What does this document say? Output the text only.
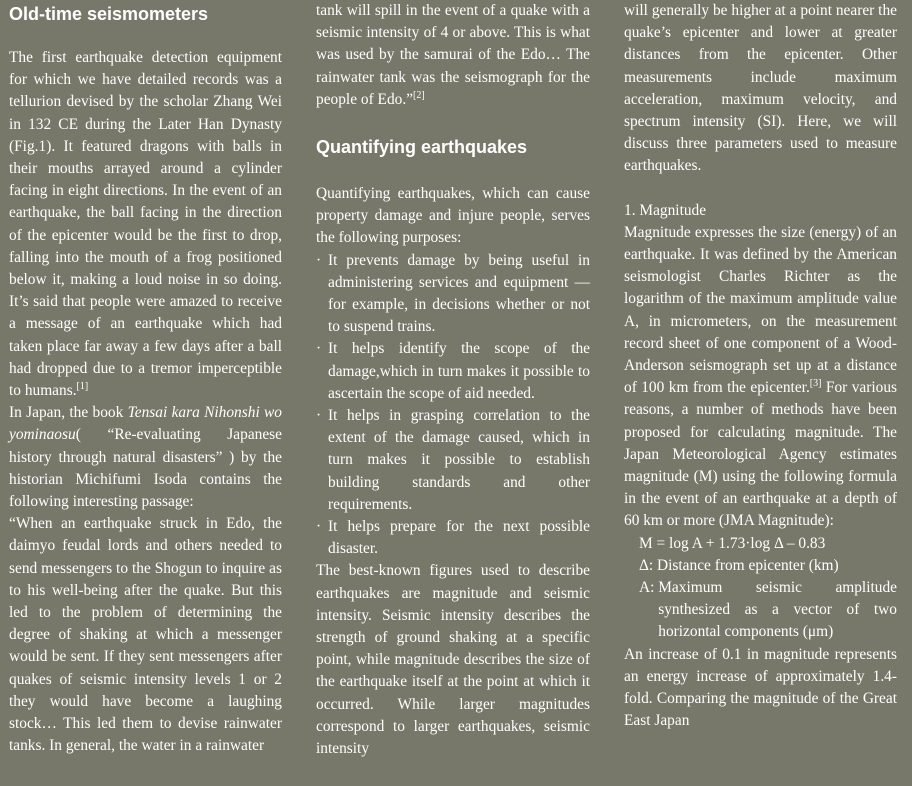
Old-time seismometers

The first earthquake detection equipment for which we have detailed records was a tellurion devised by the scholar Zhang Wei in 132 CE during the Later Han Dynasty (Fig.1). It featured dragons with balls in their mouths arrayed around a cylinder facing in eight directions. In the event of an earthquake, the ball facing in the direction of the epicenter would be the first to drop, falling into the mouth of a frog positioned below it, making a loud noise in so doing. It’s said that people were amazed to receive a message of an earthquake which had taken place far away a few days after a ball had dropped due to a tremor imperceptible to humans.[1]

In Japan, the book Tensai kara Nihonshi wo yominaosu( “Re-evaluating Japanese history through natural disasters” ) by the historian Michifumi Isoda contains the following interesting passage:

“When an earthquake struck in Edo, the daimyo feudal lords and others needed to send messengers to the Shogun to inquire as to his well-being after the quake. But this led to the problem of determining the degree of shaking at which a messenger would be sent. If they sent messengers after quakes of seismic intensity levels 1 or 2 they would have become a laughing stock… This led them to devise rainwater tanks. In general, the water in a rainwater

tank will spill in the event of a quake with a seismic intensity of 4 or above. This is what was used by the samurai of the Edo… The rainwater tank was the seismograph for the people of Edo.”[2]

Quantifying earthquakes

Quantifying earthquakes, which can cause property damage and injure people, serves the following purposes:

· It prevents damage by being useful in administering services and equipment — for example, in decisions whether or not to suspend trains.
· It helps identify the scope of the damage,which in turn makes it possible to ascertain the scope of aid needed.
· It helps in grasping correlation to the extent of the damage caused, which in turn makes it possible to establish building standards and other requirements.
· It helps prepare for the next possible disaster.

The best-known figures used to describe earthquakes are magnitude and seismic intensity. Seismic intensity describes the strength of ground shaking at a specific point, while magnitude describes the size of the earthquake itself at the point at which it occurred. While larger magnitudes correspond to larger earthquakes, seismic intensity

will generally be higher at a point nearer the quake’s epicenter and lower at greater distances from the epicenter. Other measurements include maximum acceleration, maximum velocity, and spectrum intensity (SI). Here, we will discuss three parameters used to measure earthquakes.

1. Magnitude

Magnitude expresses the size (energy) of an earthquake. It was defined by the American seismologist Charles Richter as the logarithm of the maximum amplitude value A, in micrometers, on the measurement record sheet of one component of a Wood-Anderson seismograph set up at a distance of 100 km from the epicenter.[3] For various reasons, a number of methods have been proposed for calculating magnitude. The Japan Meteorological Agency estimates magnitude (M) using the following formula in the event of an earthquake at a depth of 60 km or more (JMA Magnitude):

M = log A + 1.73·log Δ – 0.83

Δ: Distance from epicenter (km)
A: Maximum seismic amplitude synthesized as a vector of two horizontal components (μm)

An increase of 0.1 in magnitude represents an energy increase of approximately 1.4-fold. Comparing the magnitude of the Great East Japan
